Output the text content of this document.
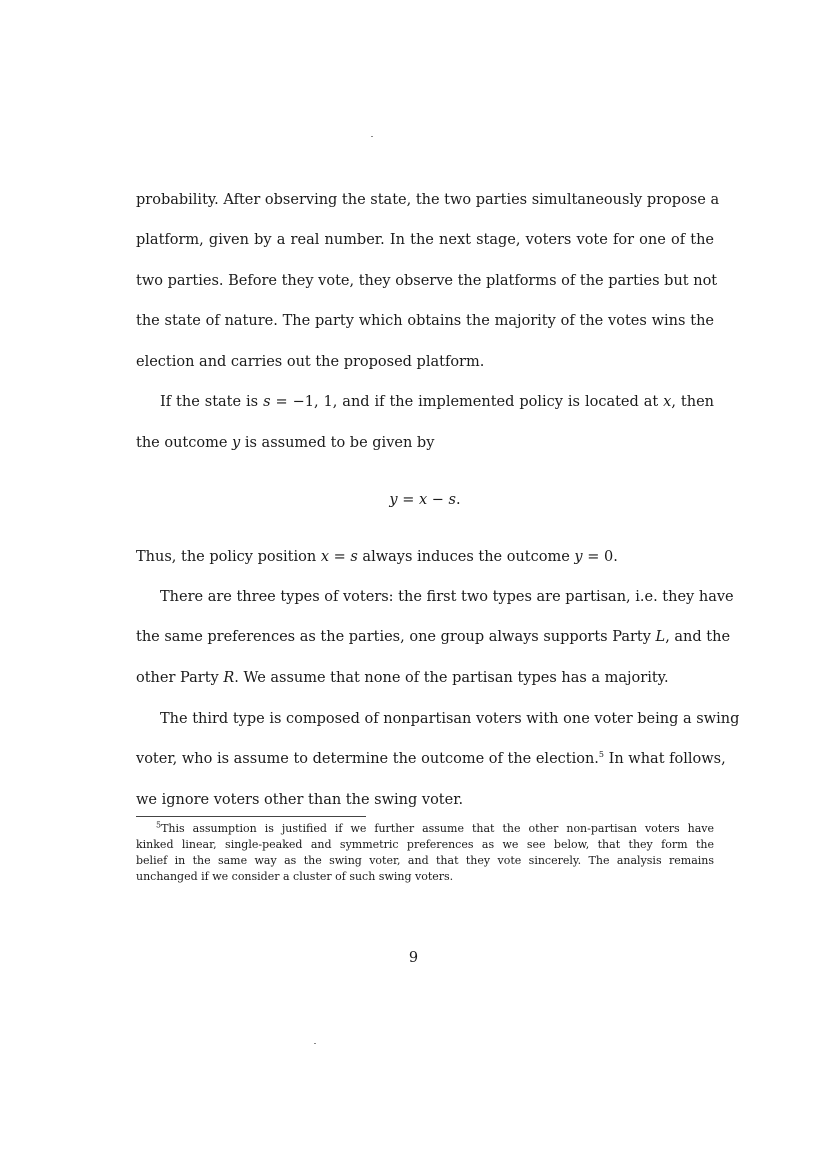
probability. After observing the state, the two parties simultaneously propose a
platform, given by a real number. In the next stage, voters vote for one of the
two parties. Before they vote, they observe the platforms of the parties but not
the state of nature. The party which obtains the majority of the votes wins the
election and carries out the proposed platform.
If the state is s = −1, 1, and if the implemented policy is located at x, then
the outcome y is assumed to be given by
y = x − s.
Thus, the policy position x = s always induces the outcome y = 0.
There are three types of voters: the first two types are partisan, i.e. they have
the same preferences as the parties, one group always supports Party L, and the
other Party R. We assume that none of the partisan types has a majority.
The third type is composed of nonpartisan voters with one voter being a swing
voter, who is assume to determine the outcome of the election.$^5$ In what follows,
we ignore voters other than the swing voter.
$^5$This assumption is justified if we further assume that the other non-partisan voters have
kinked linear, single-peaked and symmetric preferences as we see below, that they form the
belief in the same way as the swing voter, and that they vote sincerely. The analysis remains
unchanged if we consider a cluster of such swing voters.
9
